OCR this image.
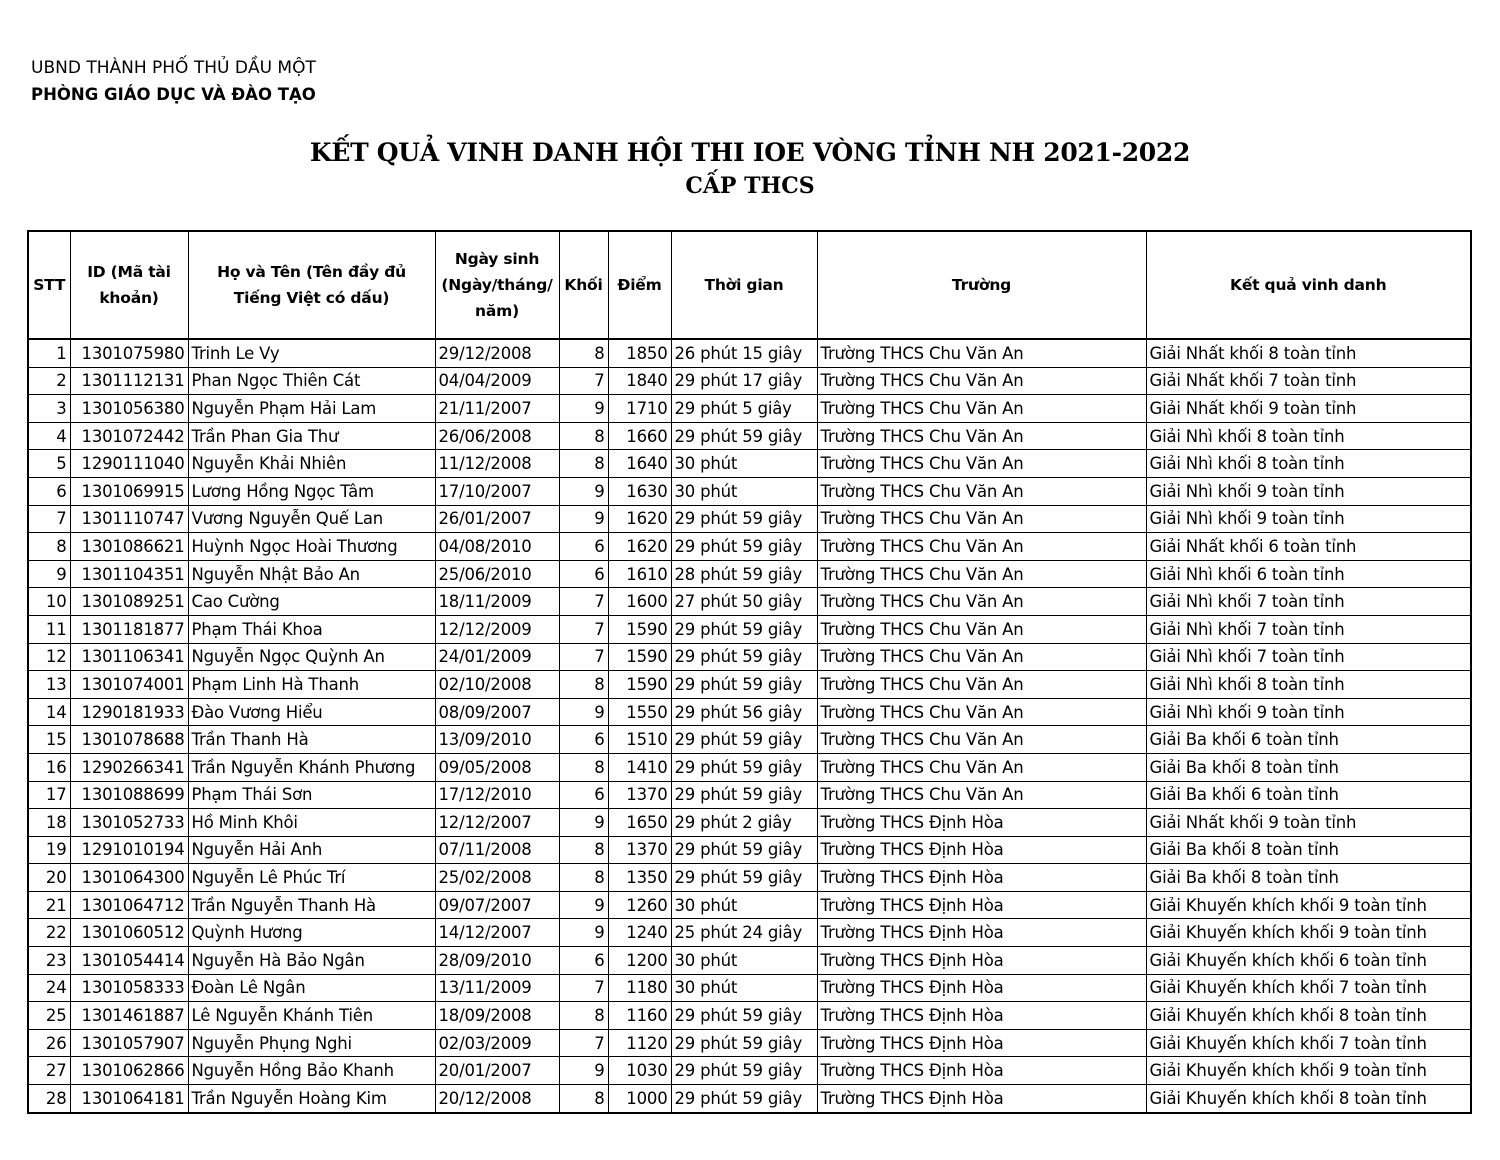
UBND THÀNH PHỐ THỦ DẦU MỘT
PHÒNG GIÁO DỤC VÀ ĐÀO TẠO
KẾT QUẢ VINH DANH HỘI THI IOE VÒNG TỈNH NH 2021-2022
CẤP THCS
STT	ID (Mã tài khoản)	Họ và Tên (Tên đầy đủ Tiếng Việt có dấu)	Ngày sinh (Ngày/tháng/ năm)	Khối	Điểm	Thời gian	Trường	Kết quả vinh danh
1	1301075980	Trinh Le Vy	29/12/2008	8	1850	26 phút 15 giây	Trường THCS Chu Văn An	Giải Nhất khối 8 toàn tỉnh
2	1301112131	Phan Ngọc Thiên Cát	04/04/2009	7	1840	29 phút 17 giây	Trường THCS Chu Văn An	Giải Nhất khối 7 toàn tỉnh
3	1301056380	Nguyễn Phạm Hải Lam	21/11/2007	9	1710	29 phút 5 giây	Trường THCS Chu Văn An	Giải Nhất khối 9 toàn tỉnh
4	1301072442	Trần Phan Gia Thư	26/06/2008	8	1660	29 phút 59 giây	Trường THCS Chu Văn An	Giải Nhì khối 8 toàn tỉnh
5	1290111040	Nguyễn Khải Nhiên	11/12/2008	8	1640	30 phút	Trường THCS Chu Văn An	Giải Nhì khối 8 toàn tỉnh
6	1301069915	Lương Hồng Ngọc Tâm	17/10/2007	9	1630	30 phút	Trường THCS Chu Văn An	Giải Nhì khối 9 toàn tỉnh
7	1301110747	Vương Nguyễn Quế Lan	26/01/2007	9	1620	29 phút 59 giây	Trường THCS Chu Văn An	Giải Nhì khối 9 toàn tỉnh
8	1301086621	Huỳnh Ngọc Hoài Thương	04/08/2010	6	1620	29 phút 59 giây	Trường THCS Chu Văn An	Giải Nhất khối 6 toàn tỉnh
9	1301104351	Nguyễn Nhật Bảo An	25/06/2010	6	1610	28 phút 59 giây	Trường THCS Chu Văn An	Giải Nhì khối 6 toàn tỉnh
10	1301089251	Cao Cường	18/11/2009	7	1600	27 phút 50 giây	Trường THCS Chu Văn An	Giải Nhì khối 7 toàn tỉnh
11	1301181877	Phạm Thái Khoa	12/12/2009	7	1590	29 phút 59 giây	Trường THCS Chu Văn An	Giải Nhì khối 7 toàn tỉnh
12	1301106341	Nguyễn Ngọc Quỳnh An	24/01/2009	7	1590	29 phút 59 giây	Trường THCS Chu Văn An	Giải Nhì khối 7 toàn tỉnh
13	1301074001	Phạm Linh Hà Thanh	02/10/2008	8	1590	29 phút 59 giây	Trường THCS Chu Văn An	Giải Nhì khối 8 toàn tỉnh
14	1290181933	Đào Vương Hiểu	08/09/2007	9	1550	29 phút 56 giây	Trường THCS Chu Văn An	Giải Nhì khối 9 toàn tỉnh
15	1301078688	Trần Thanh Hà	13/09/2010	6	1510	29 phút 59 giây	Trường THCS Chu Văn An	Giải Ba khối 6 toàn tỉnh
16	1290266341	Trần Nguyễn Khánh Phương	09/05/2008	8	1410	29 phút 59 giây	Trường THCS Chu Văn An	Giải Ba khối 8 toàn tỉnh
17	1301088699	Phạm Thái Sơn	17/12/2010	6	1370	29 phút 59 giây	Trường THCS Chu Văn An	Giải Ba khối 6 toàn tỉnh
18	1301052733	Hồ Minh Khôi	12/12/2007	9	1650	29 phút 2 giây	Trường THCS Định Hòa	Giải Nhất khối 9 toàn tỉnh
19	1291010194	Nguyễn Hải Anh	07/11/2008	8	1370	29 phút 59 giây	Trường THCS Định Hòa	Giải Ba khối 8 toàn tỉnh
20	1301064300	Nguyễn Lê Phúc Trí	25/02/2008	8	1350	29 phút 59 giây	Trường THCS Định Hòa	Giải Ba khối 8 toàn tỉnh
21	1301064712	Trần Nguyễn Thanh Hà	09/07/2007	9	1260	30 phút	Trường THCS Định Hòa	Giải Khuyến khích khối 9 toàn tỉnh
22	1301060512	Quỳnh Hương	14/12/2007	9	1240	25 phút 24 giây	Trường THCS Định Hòa	Giải Khuyến khích khối 9 toàn tỉnh
23	1301054414	Nguyễn Hà Bảo Ngân	28/09/2010	6	1200	30 phút	Trường THCS Định Hòa	Giải Khuyến khích khối 6 toàn tỉnh
24	1301058333	Đoàn Lê Ngân	13/11/2009	7	1180	30 phút	Trường THCS Định Hòa	Giải Khuyến khích khối 7 toàn tỉnh
25	1301461887	Lê Nguyễn Khánh Tiên	18/09/2008	8	1160	29 phút 59 giây	Trường THCS Định Hòa	Giải Khuyến khích khối 8 toàn tỉnh
26	1301057907	Nguyễn Phụng Nghi	02/03/2009	7	1120	29 phút 59 giây	Trường THCS Định Hòa	Giải Khuyến khích khối 7 toàn tỉnh
27	1301062866	Nguyễn Hồng Bảo Khanh	20/01/2007	9	1030	29 phút 59 giây	Trường THCS Định Hòa	Giải Khuyến khích khối 9 toàn tỉnh
28	1301064181	Trần Nguyễn Hoàng Kim	20/12/2008	8	1000	29 phút 59 giây	Trường THCS Định Hòa	Giải Khuyến khích khối 8 toàn tỉnh
